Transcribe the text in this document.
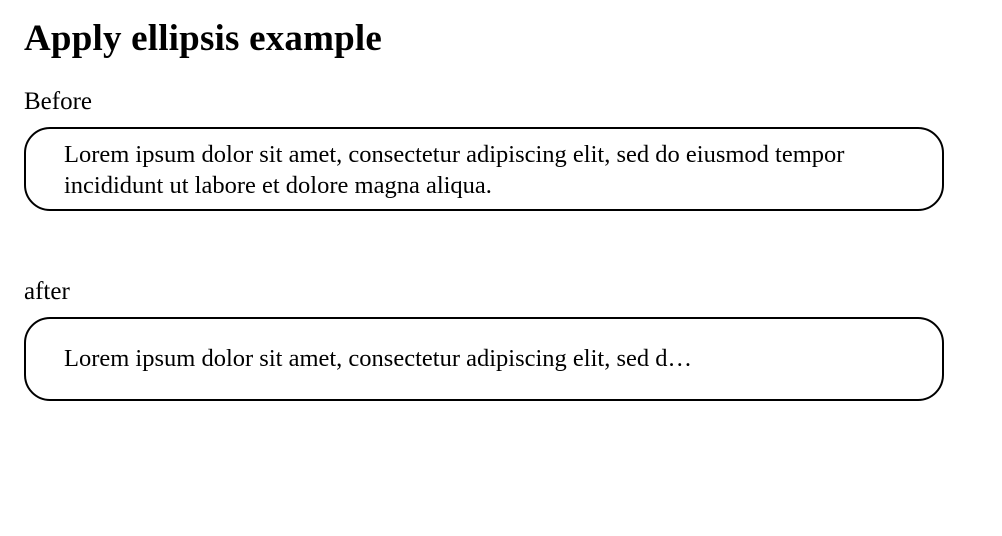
Apply ellipsis example
Before
Lorem ipsum dolor sit amet, consectetur adipiscing elit, sed do eiusmod tempor incididunt ut labore et dolore magna aliqua.
after
Lorem ipsum dolor sit amet, consectetur adipiscing elit, sed d…
